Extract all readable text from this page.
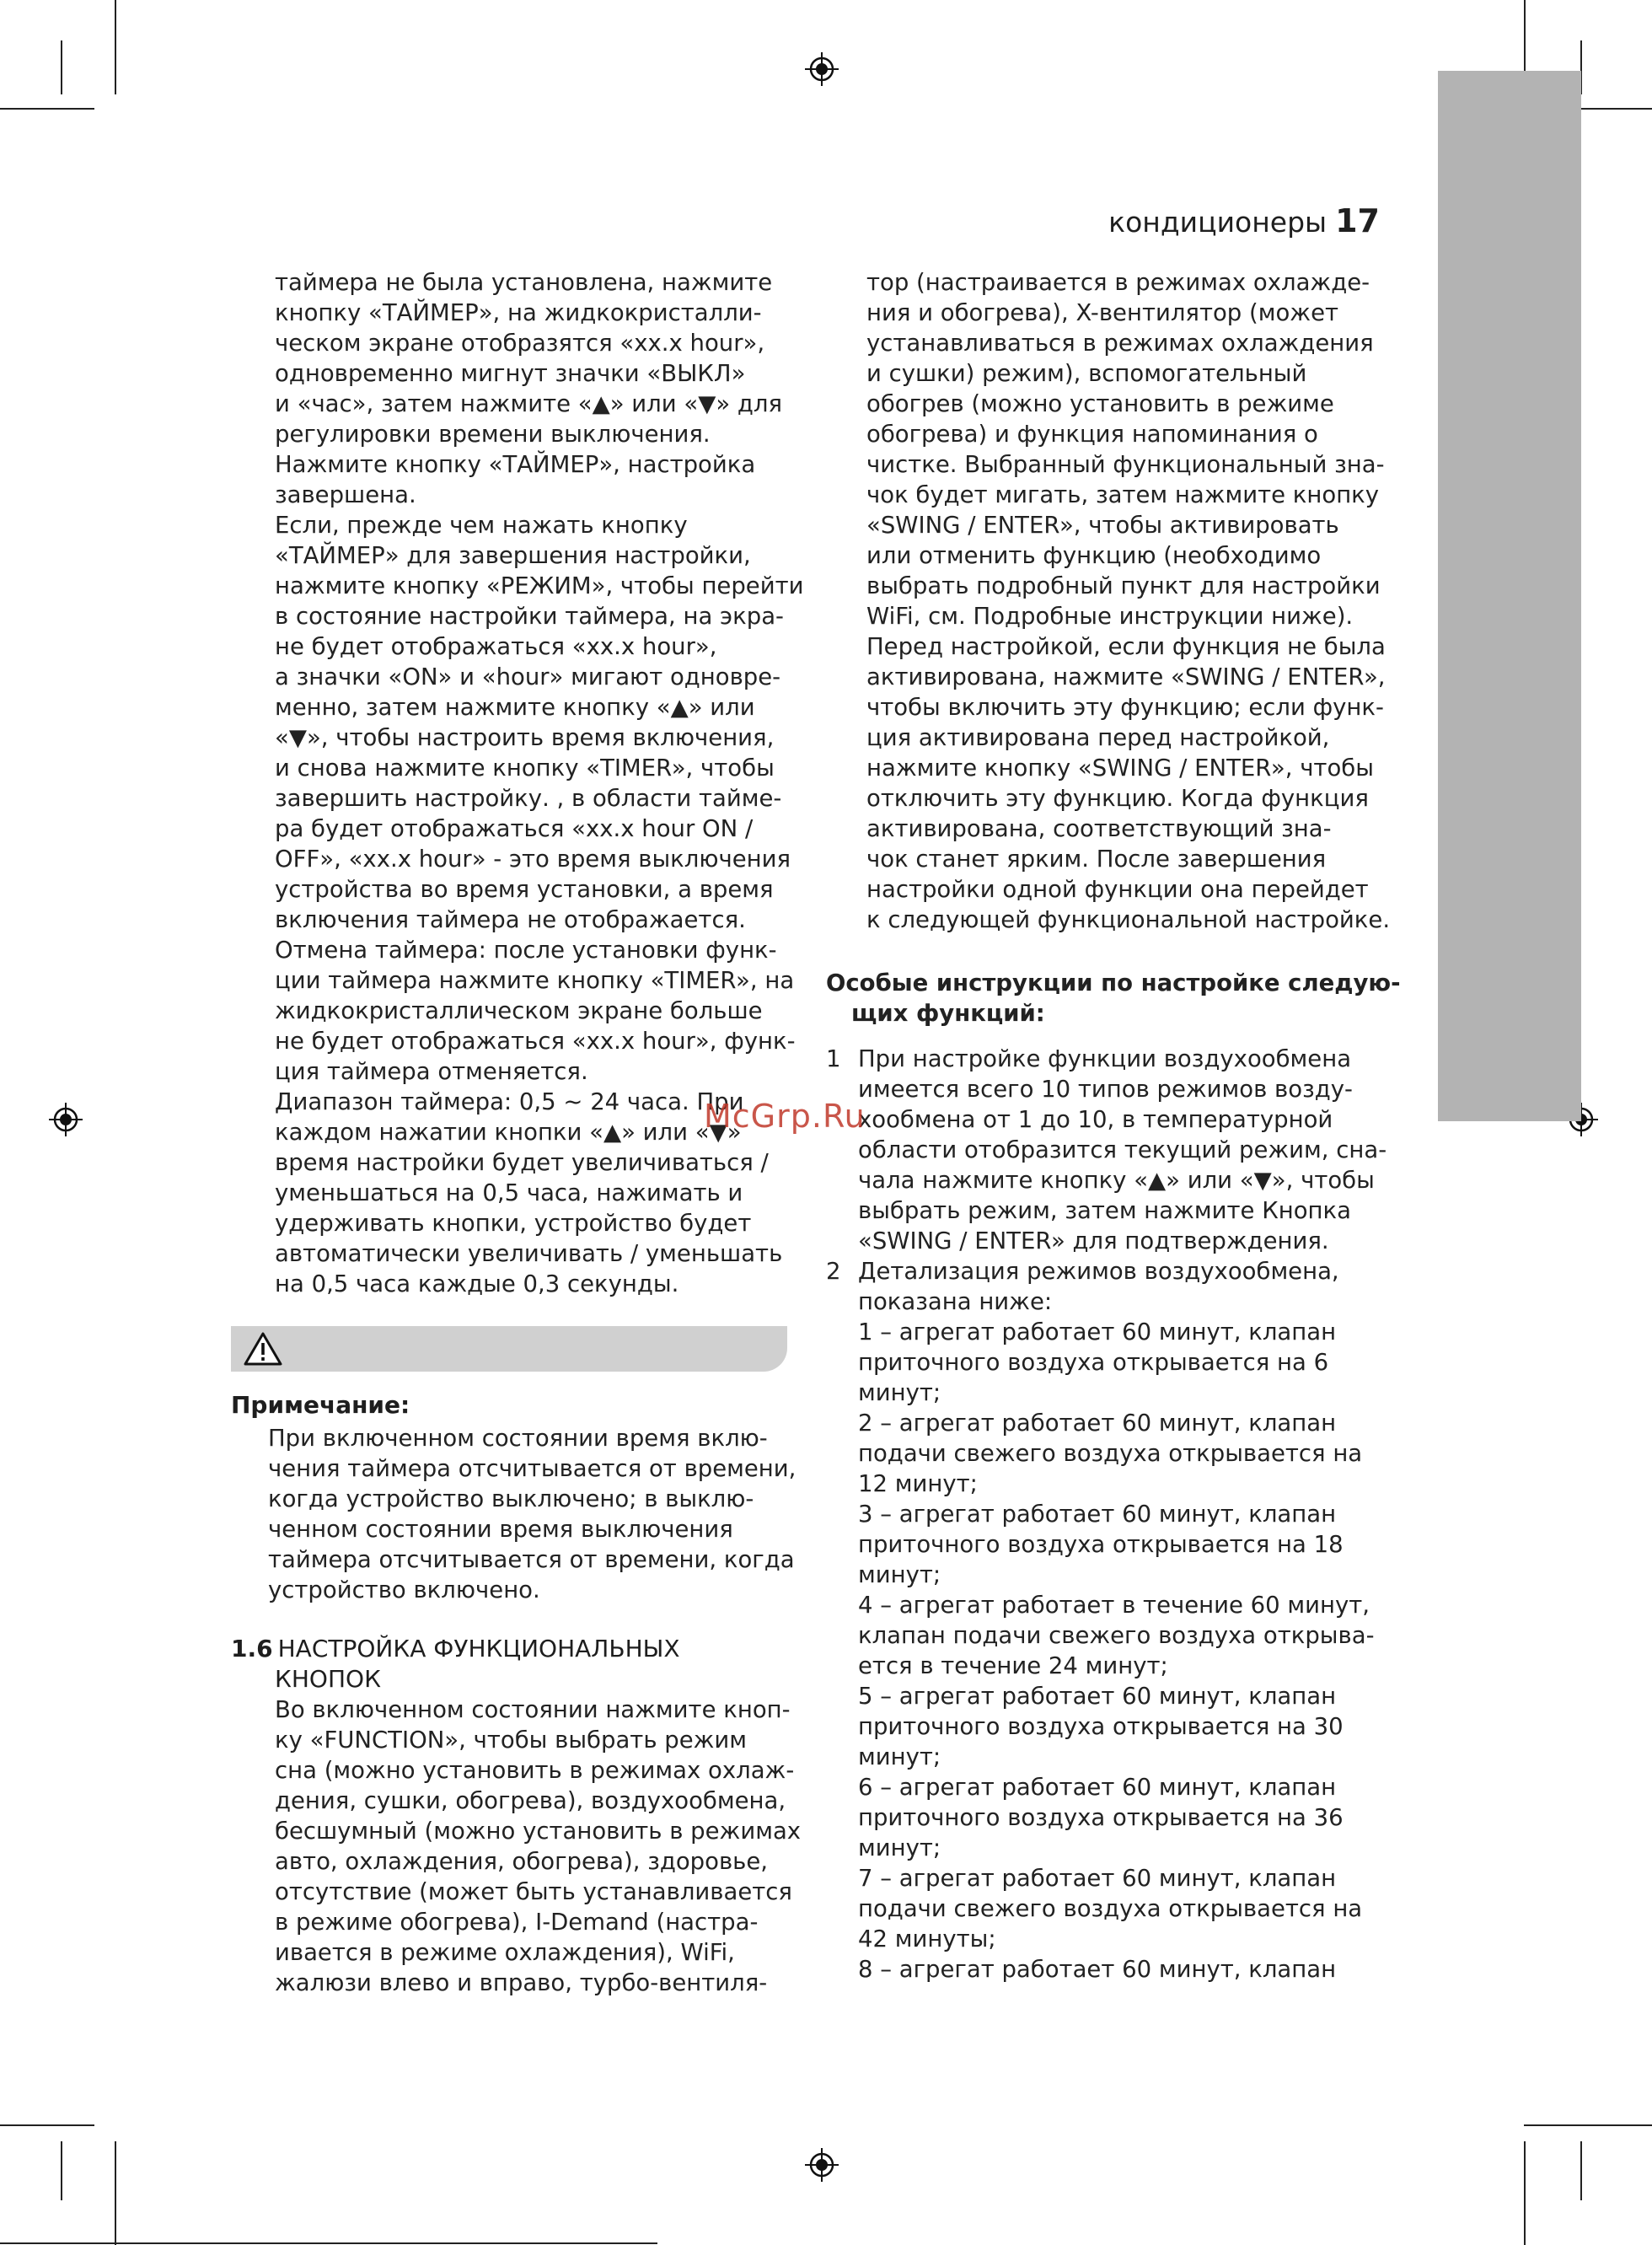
кондиционеры 17

таймера не была установлена, нажмите

кнопку «ТАЙМЕР», на жидкокристалли-

ческом экране отобразятся «xx.x hour»,

одновременно мигнут значки «ВЫКЛ»

и «час», затем нажмите «▲» или «▼» для

регулировки времени выключения.

Нажмите кнопку «ТАЙМЕР», настройка

завершена.

Если, прежде чем нажать кнопку

«ТАЙМЕР» для завершения настройки,

нажмите кнопку «РЕЖИМ», чтобы перейти

в состояние настройки таймера, на экра-

не будет отображаться «xx.x hour»,

а значки «ON» и «hour» мигают одновре-

менно, затем нажмите кнопку «▲» или

«▼», чтобы настроить время включения,

и снова нажмите кнопку «TIMER», чтобы

завершить настройку. , в области тайме-

ра будет отображаться «xx.x hour ON /

OFF», «xx.x hour» - это время выключения

устройства во время установки, а время

включения таймера не отображается.

Отмена таймера: после установки функ-

ции таймера нажмите кнопку «TIMER», на

жидкокристаллическом экране больше

не будет отображаться «xx.x hour», функ-

ция таймера отменяется.

Диапазон таймера: 0,5 ~ 24 часа. При

каждом нажатии кнопки «▲» или «▼»

время настройки будет увеличиваться /

уменьшаться на 0,5 часа, нажимать и

удерживать кнопки, устройство будет

автоматически увеличивать / уменьшать

на 0,5 часа каждые 0,3 секунды.

Примечание:

При включенном состоянии время вклю-

чения таймера отсчитывается от времени,

когда устройство выключено; в выклю-

ченном состоянии время выключения

таймера отсчитывается от времени, когда

устройство включено.

1.6 НАСТРОЙКА ФУНКЦИОНАЛЬНЫХ
КНОПОК

Во включенном состоянии нажмите кноп-

ку «FUNCTION», чтобы выбрать режим

сна (можно установить в режимах охлаж-

дения, сушки, обогрева), воздухообмена,

бесшумный (можно установить в режимах

авто, охлаждения, обогрева), здоровье,

отсутствие (может быть устанавливается

в режиме обогрева), I-Demand (настра-

ивается в режиме охлаждения), WiFi,

жалюзи влево и вправо, турбо-вентиля-

тор (настраивается в режимах охлажде-

ния и обогрева), X-вентилятор (может

устанавливаться в режимах охлаждения

и сушки) режим), вспомогательный

обогрев (можно установить в режиме

обогрева) и функция напоминания о

чистке. Выбранный функциональный зна-

чок будет мигать, затем нажмите кнопку

«SWING / ENTER», чтобы активировать

или отменить функцию (необходимо

выбрать подробный пункт для настройки

WiFi, см. Подробные инструкции ниже).

Перед настройкой, если функция не была

активирована, нажмите «SWING / ENTER»,

чтобы включить эту функцию; если функ-

ция активирована перед настройкой,

нажмите кнопку «SWING / ENTER», чтобы

отключить эту функцию. Когда функция

активирована, соответствующий зна-

чок станет ярким. После завершения

настройки одной функции она перейдет

к следующей функциональной настройке.

Особые инструкции по настройке следую-

щих функций:

1 При настройке функции воздухообмена

имеется всего 10 типов режимов возду-

хообмена от 1 до 10, в температурной

области отобразится текущий режим, сна-

чала нажмите кнопку «▲» или «▼», чтобы

выбрать режим, затем нажмите Кнопка

«SWING / ENTER» для подтверждения.

2 Детализация режимов воздухообмена,

показана ниже:

1 – агрегат работает 60 минут, клапан

приточного воздуха открывается на 6

минут;

2 – агрегат работает 60 минут, клапан

подачи свежего воздуха открывается на

12 минут;

3 – агрегат работает 60 минут, клапан

приточного воздуха открывается на 18

минут;

4 – агрегат работает в течение 60 минут,

клапан подачи свежего воздуха открыва-

ется в течение 24 минут;

5 – агрегат работает 60 минут, клапан

приточного воздуха открывается на 30

минут;

6 – агрегат работает 60 минут, клапан

приточного воздуха открывается на 36

минут;

7 – агрегат работает 60 минут, клапан

подачи свежего воздуха открывается на

42 минуты;

8 – агрегат работает 60 минут, клапан

McGrp.Ru
